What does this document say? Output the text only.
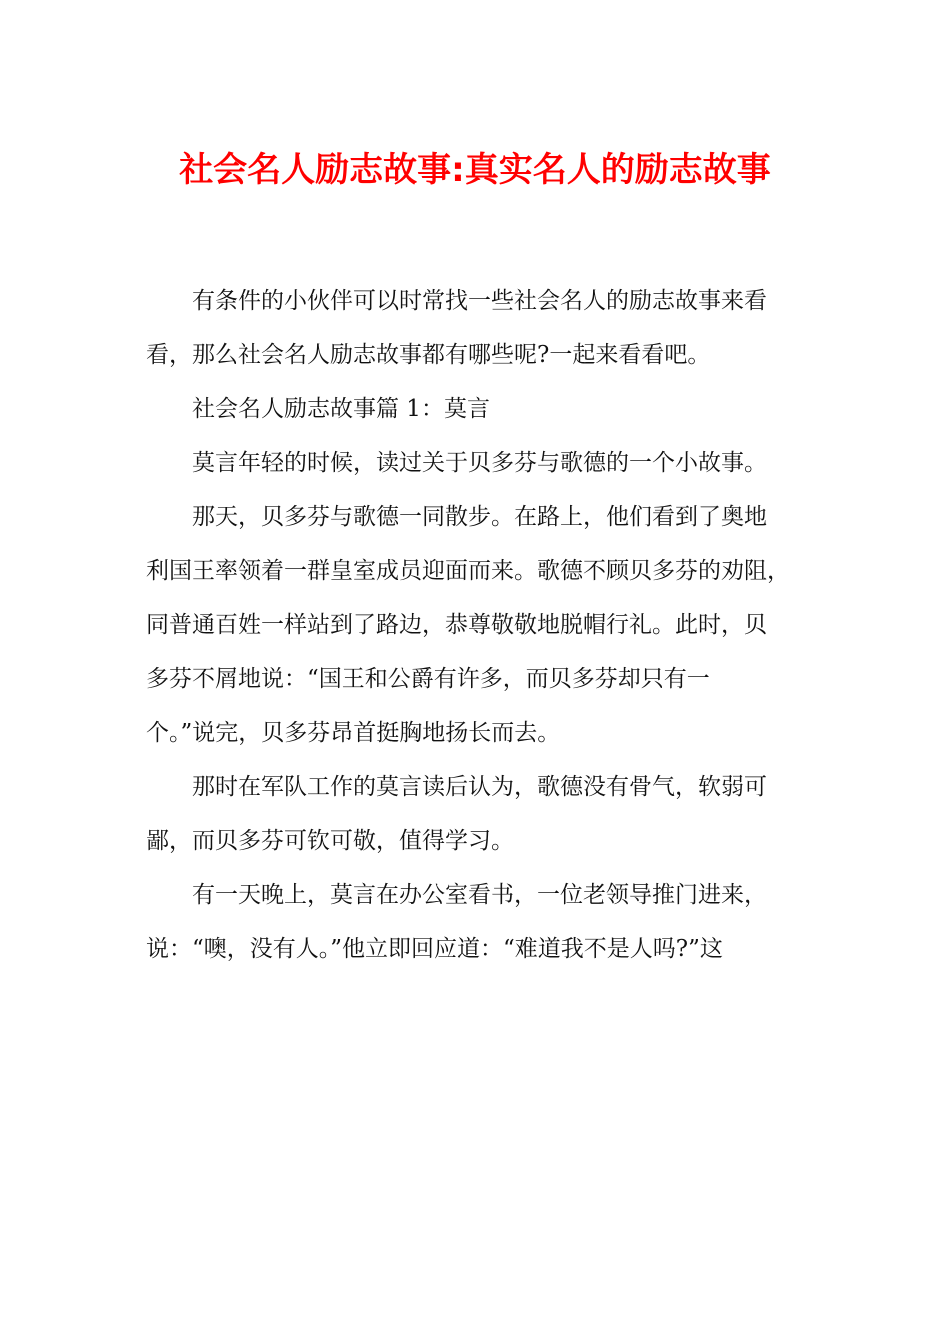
社会名人励志故事:真实名人的励志故事
有条件的小伙伴可以时常找一些社会名人的励志故事来看
看，那么社会名人励志故事都有哪些呢?一起来看看吧。
社会名人励志故事篇 1：莫言
莫言年轻的时候，读过关于贝多芬与歌德的一个小故事。
那天，贝多芬与歌德一同散步。在路上，他们看到了奥地
利国王率领着一群皇室成员迎面而来。歌德不顾贝多芬的劝阻，
同普通百姓一样站到了路边，恭尊敬敬地脱帽行礼。此时，贝
多芬不屑地说：“国王和公爵有许多，而贝多芬却只有一
个。”说完，贝多芬昂首挺胸地扬长而去。
那时在军队工作的莫言读后认为，歌德没有骨气，软弱可
鄙，而贝多芬可钦可敬，值得学习。
有一天晚上，莫言在办公室看书，一位老领导推门进来，
说：“噢，没有人。”他立即回应道：“难道我不是人吗?”这
